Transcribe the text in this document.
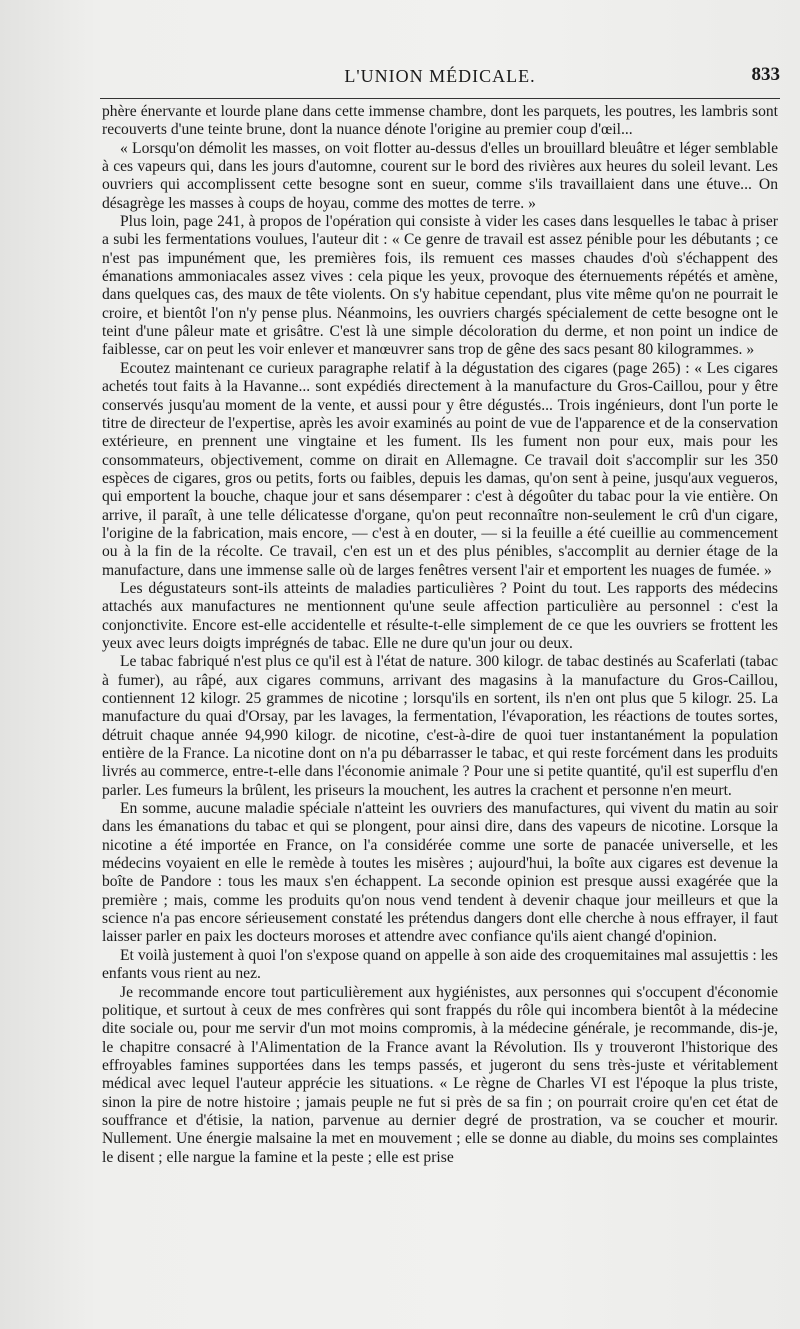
L'UNION MÉDICALE.	833

phère énervante et lourde plane dans cette immense chambre, dont les parquets, les poutres, les lambris sont recouverts d'une teinte brune, dont la nuance dénote l'origine au premier coup d'œil...

« Lorsqu'on démolit les masses, on voit flotter au-dessus d'elles un brouillard bleuâtre et léger semblable à ces vapeurs qui, dans les jours d'automne, courent sur le bord des rivières aux heures du soleil levant. Les ouvriers qui accomplissent cette besogne sont en sueur, comme s'ils travaillaient dans une étuve... On désagrège les masses à coups de hoyau, comme des mottes de terre. »

Plus loin, page 241, à propos de l'opération qui consiste à vider les cases dans lesquelles le tabac à priser a subi les fermentations voulues, l'auteur dit : « Ce genre de travail est assez pénible pour les débutants ; ce n'est pas impunément que, les premières fois, ils remuent ces masses chaudes d'où s'échappent des émanations ammoniacales assez vives : cela pique les yeux, provoque des éternuements répétés et amène, dans quelques cas, des maux de tête violents. On s'y habitue cependant, plus vite même qu'on ne pourrait le croire, et bientôt l'on n'y pense plus. Néanmoins, les ouvriers chargés spécialement de cette besogne ont le teint d'une pâleur mate et grisâtre. C'est là une simple décoloration du derme, et non point un indice de faiblesse, car on peut les voir enlever et manœuvrer sans trop de gêne des sacs pesant 80 kilogrammes. »

Ecoutez maintenant ce curieux paragraphe relatif à la dégustation des cigares (page 265) : « Les cigares achetés tout faits à la Havanne... sont expédiés directement à la manufacture du Gros-Caillou, pour y être conservés jusqu'au moment de la vente, et aussi pour y être dégustés... Trois ingénieurs, dont l'un porte le titre de directeur de l'expertise, après les avoir examinés au point de vue de l'apparence et de la conservation extérieure, en prennent une vingtaine et les fument. Ils les fument non pour eux, mais pour les consommateurs, objectivement, comme on dirait en Allemagne. Ce travail doit s'accomplir sur les 350 espèces de cigares, gros ou petits, forts ou faibles, depuis les damas, qu'on sent à peine, jusqu'aux vegueros, qui emportent la bouche, chaque jour et sans désemparer : c'est à dégoûter du tabac pour la vie entière. On arrive, il paraît, à une telle délicatesse d'organe, qu'on peut reconnaître non-seulement le crû d'un cigare, l'origine de la fabrication, mais encore, — c'est à en douter, — si la feuille a été cueillie au commencement ou à la fin de la récolte. Ce travail, c'en est un et des plus pénibles, s'accomplit au dernier étage de la manufacture, dans une immense salle où de larges fenêtres versent l'air et emportent les nuages de fumée. »

Les dégustateurs sont-ils atteints de maladies particulières ? Point du tout. Les rapports des médecins attachés aux manufactures ne mentionnent qu'une seule affection particulière au personnel : c'est la conjonctivite. Encore est-elle accidentelle et résulte-t-elle simplement de ce que les ouvriers se frottent les yeux avec leurs doigts imprégnés de tabac. Elle ne dure qu'un jour ou deux.

Le tabac fabriqué n'est plus ce qu'il est à l'état de nature. 300 kilogr. de tabac destinés au Scaferlati (tabac à fumer), au râpé, aux cigares communs, arrivant des magasins à la manufacture du Gros-Caillou, contiennent 12 kilogr. 25 grammes de nicotine ; lorsqu'ils en sortent, ils n'en ont plus que 5 kilogr. 25. La manufacture du quai d'Orsay, par les lavages, la fermentation, l'évaporation, les réactions de toutes sortes, détruit chaque année 94,990 kilogr. de nicotine, c'est-à-dire de quoi tuer instantanément la population entière de la France. La nicotine dont on n'a pu débarrasser le tabac, et qui reste forcément dans les produits livrés au commerce, entre-t-elle dans l'économie animale ? Pour une si petite quantité, qu'il est superflu d'en parler. Les fumeurs la brûlent, les priseurs la mouchent, les autres la crachent et personne n'en meurt.

En somme, aucune maladie spéciale n'atteint les ouvriers des manufactures, qui vivent du matin au soir dans les émanations du tabac et qui se plongent, pour ainsi dire, dans des vapeurs de nicotine. Lorsque la nicotine a été importée en France, on l'a considérée comme une sorte de panacée universelle, et les médecins voyaient en elle le remède à toutes les misères ; aujourd'hui, la boîte aux cigares est devenue la boîte de Pandore : tous les maux s'en échappent. La seconde opinion est presque aussi exagérée que la première ; mais, comme les produits qu'on nous vend tendent à devenir chaque jour meilleurs et que la science n'a pas encore sérieusement constaté les prétendus dangers dont elle cherche à nous effrayer, il faut laisser parler en paix les docteurs moroses et attendre avec confiance qu'ils aient changé d'opinion.

Et voilà justement à quoi l'on s'expose quand on appelle à son aide des croquemitaines mal assujettis : les enfants vous rient au nez.

Je recommande encore tout particulièrement aux hygiénistes, aux personnes qui s'occupent d'économie politique, et surtout à ceux de mes confrères qui sont frappés du rôle qui incombera bientôt à la médecine dite sociale ou, pour me servir d'un mot moins compromis, à la médecine générale, je recommande, dis-je, le chapitre consacré à l'Alimentation de la France avant la Révolution. Ils y trouveront l'historique des effroyables famines supportées dans les temps passés, et jugeront du sens très-juste et véritablement médical avec lequel l'auteur apprécie les situations. « Le règne de Charles VI est l'époque la plus triste, sinon la pire de notre histoire ; jamais peuple ne fut si près de sa fin ; on pourrait croire qu'en cet état de souffrance et d'étisie, la nation, parvenue au dernier degré de prostration, va se coucher et mourir. Nullement. Une énergie malsaine la met en mouvement ; elle se donne au diable, du moins ses complaintes le disent ; elle nargue la famine et la peste ; elle est prise
